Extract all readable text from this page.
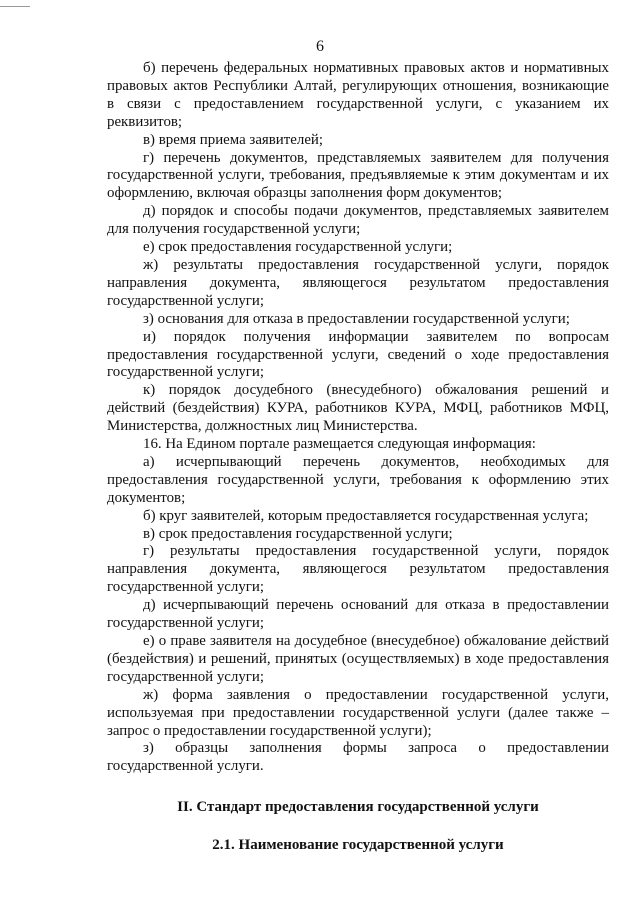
6

б) перечень федеральных нормативных правовых актов и нормативных правовых актов Республики Алтай, регулирующих отношения, возникающие в связи с предоставлением государственной услуги, с указанием их реквизитов;

в) время приема заявителей;

г) перечень документов, представляемых заявителем для получения государственной услуги, требования, предъявляемые к этим документам и их оформлению, включая образцы заполнения форм документов;

д) порядок и способы подачи документов, представляемых заявителем для получения государственной услуги;

е) срок предоставления государственной услуги;

ж) результаты предоставления государственной услуги, порядок направления документа, являющегося результатом предоставления государственной услуги;

з) основания для отказа в предоставлении государственной услуги;

и) порядок получения информации заявителем по вопросам предоставления государственной услуги, сведений о ходе предоставления государственной услуги;

к) порядок досудебного (внесудебного) обжалования решений и действий (бездействия) КУРА, работников КУРА, МФЦ, работников МФЦ, Министерства, должностных лиц Министерства.

16. На Едином портале размещается следующая информация:

а) исчерпывающий перечень документов, необходимых для предоставления государственной услуги, требования к оформлению этих документов;

б) круг заявителей, которым предоставляется государственная услуга;

в) срок предоставления государственной услуги;

г) результаты предоставления государственной услуги, порядок направления документа, являющегося результатом предоставления государственной услуги;

д) исчерпывающий перечень оснований для отказа в предоставлении государственной услуги;

е) о праве заявителя на досудебное (внесудебное) обжалование действий (бездействия) и решений, принятых (осуществляемых) в ходе предоставления государственной услуги;

ж) форма заявления о предоставлении государственной услуги, используемая при предоставлении государственной услуги (далее также – запрос о предоставлении государственной услуги);

з) образцы заполнения формы запроса о предоставлении государственной услуги.

II. Стандарт предоставления государственной услуги

2.1. Наименование государственной услуги
